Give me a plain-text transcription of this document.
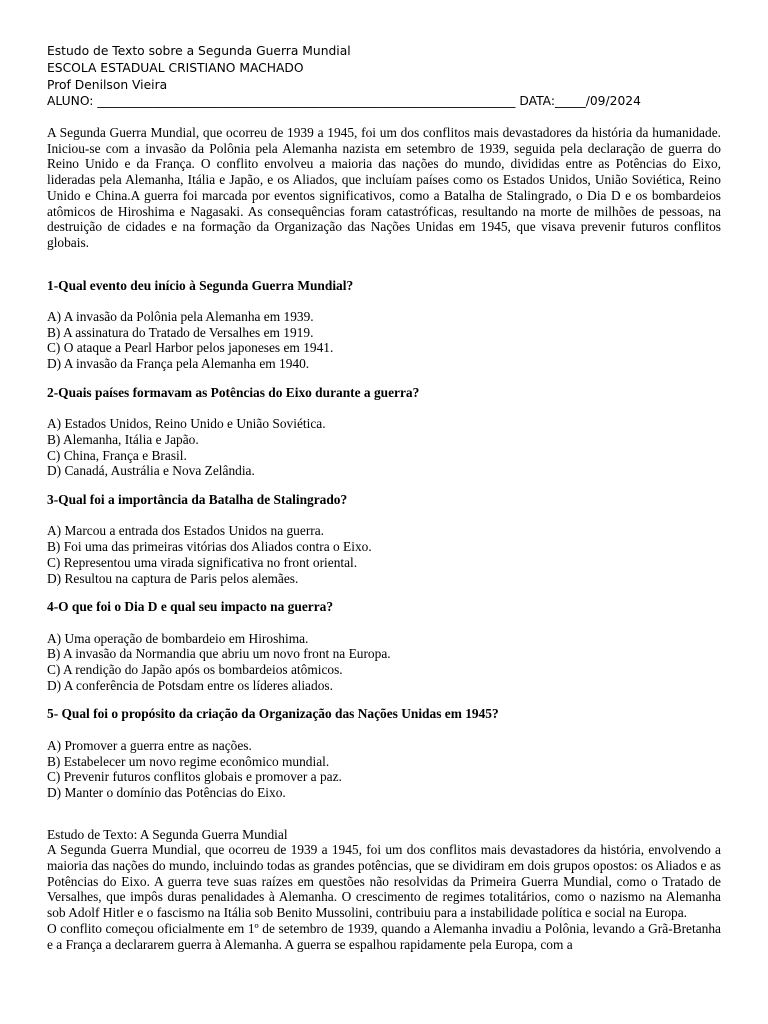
Estudo de Texto sobre a Segunda Guerra Mundial
ESCOLA ESTADUAL CRISTIANO MACHADO
Prof Denilson Vieira
ALUNO: ____________________________________________________________________ DATA:_____/09/2024

A Segunda Guerra Mundial, que ocorreu de 1939 a 1945, foi um dos conflitos mais devastadores da história da humanidade. Iniciou-se com a invasão da Polônia pela Alemanha nazista em setembro de 1939, seguida pela declaração de guerra do Reino Unido e da França. O conflito envolveu a maioria das nações do mundo, divididas entre as Potências do Eixo, lideradas pela Alemanha, Itália e Japão, e os Aliados, que incluíam países como os Estados Unidos, União Soviética, Reino Unido e China.A guerra foi marcada por eventos significativos, como a Batalha de Stalingrado, o Dia D e os bombardeios atômicos de Hiroshima e Nagasaki. As consequências foram catastróficas, resultando na morte de milhões de pessoas, na destruição de cidades e na formação da Organização das Nações Unidas em 1945, que visava prevenir futuros conflitos globais.

1-Qual evento deu início à Segunda Guerra Mundial?

A) A invasão da Polônia pela Alemanha em 1939.
B) A assinatura do Tratado de Versalhes em 1919.
C) O ataque a Pearl Harbor pelos japoneses em 1941.
D) A invasão da França pela Alemanha em 1940.

2-Quais países formavam as Potências do Eixo durante a guerra?

A) Estados Unidos, Reino Unido e União Soviética.
B) Alemanha, Itália e Japão.
C) China, França e Brasil.
D) Canadá, Austrália e Nova Zelândia.

3-Qual foi a importância da Batalha de Stalingrado?

A) Marcou a entrada dos Estados Unidos na guerra.
B) Foi uma das primeiras vitórias dos Aliados contra o Eixo.
C) Representou uma virada significativa no front oriental.
D) Resultou na captura de Paris pelos alemães.

4-O que foi o Dia D e qual seu impacto na guerra?

A) Uma operação de bombardeio em Hiroshima.
B) A invasão da Normandia que abriu um novo front na Europa.
C) A rendição do Japão após os bombardeios atômicos.
D) A conferência de Potsdam entre os líderes aliados.

5- Qual foi o propósito da criação da Organização das Nações Unidas em 1945?

A) Promover a guerra entre as nações.
B) Estabelecer um novo regime econômico mundial.
C) Prevenir futuros conflitos globais e promover a paz.
D) Manter o domínio das Potências do Eixo.

Estudo de Texto: A Segunda Guerra Mundial

A Segunda Guerra Mundial, que ocorreu de 1939 a 1945, foi um dos conflitos mais devastadores da história, envolvendo a maioria das nações do mundo, incluindo todas as grandes potências, que se dividiram em dois grupos opostos: os Aliados e as Potências do Eixo. A guerra teve suas raízes em questões não resolvidas da Primeira Guerra Mundial, como o Tratado de Versalhes, que impôs duras penalidades à Alemanha. O crescimento de regimes totalitários, como o nazismo na Alemanha sob Adolf Hitler e o fascismo na Itália sob Benito Mussolini, contribuiu para a instabilidade política e social na Europa.

O conflito começou oficialmente em 1º de setembro de 1939, quando a Alemanha invadiu a Polônia, levando a Grã-Bretanha e a França a declararem guerra à Alemanha. A guerra se espalhou rapidamente pela Europa, com a
